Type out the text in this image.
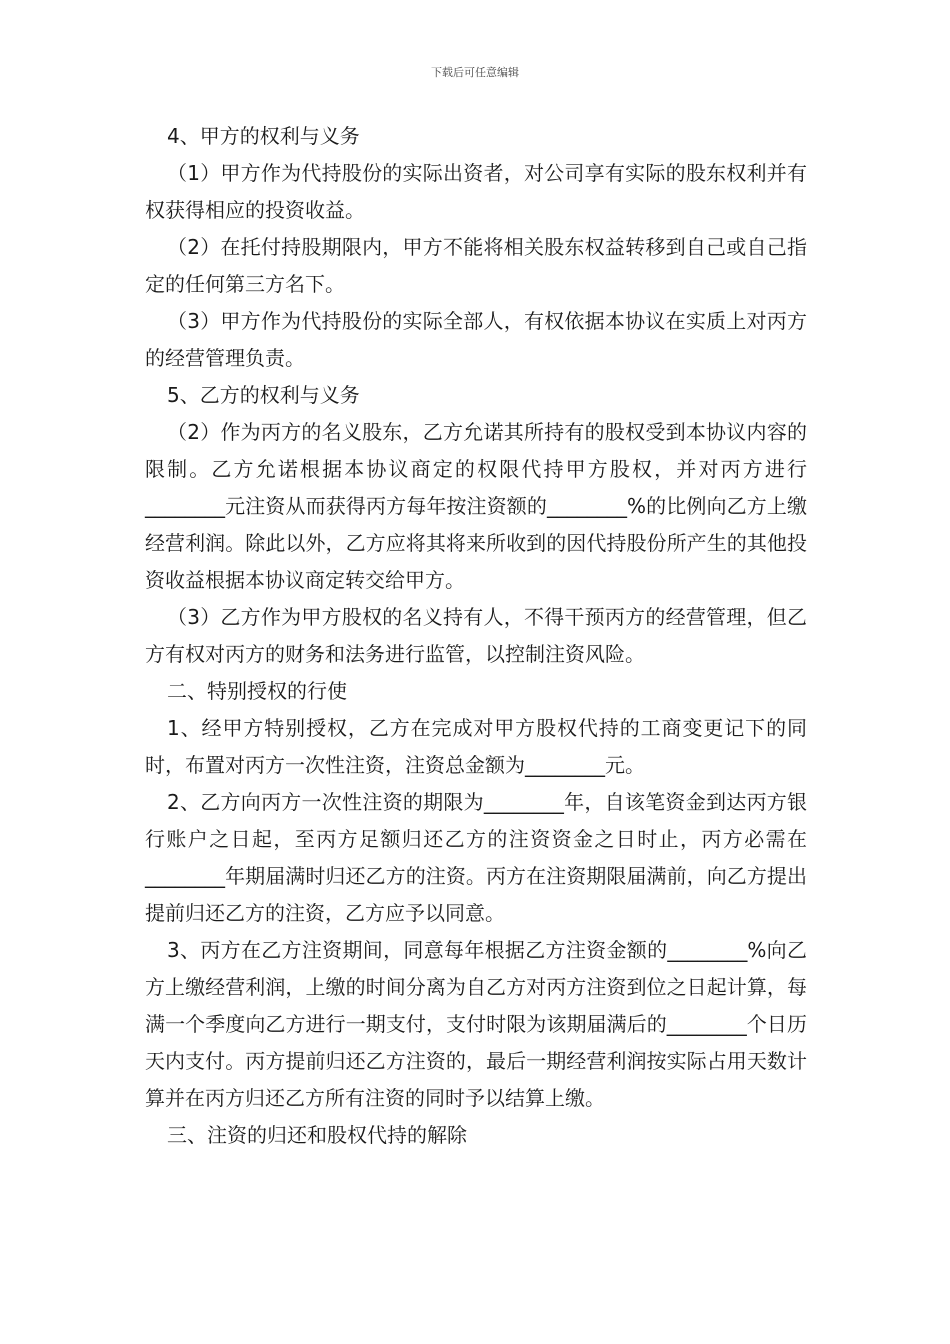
下载后可任意编辑

4、甲方的权利与义务

（1）甲方作为代持股份的实际出资者，对公司享有实际的股东权利并有权获得相应的投资收益。

（2）在托付持股期限内，甲方不能将相关股东权益转移到自己或自己指定的任何第三方名下。

（3）甲方作为代持股份的实际全部人，有权依据本协议在实质上对丙方的经营管理负责。

5、乙方的权利与义务

（2）作为丙方的名义股东，乙方允诺其所持有的股权受到本协议内容的限制。乙方允诺根据本协议商定的权限代持甲方股权，并对丙方进行________元注资从而获得丙方每年按注资额的________%的比例向乙方上缴经营利润。除此以外，乙方应将其将来所收到的因代持股份所产生的其他投资收益根据本协议商定转交给甲方。

（3）乙方作为甲方股权的名义持有人，不得干预丙方的经营管理，但乙方有权对丙方的财务和法务进行监管，以控制注资风险。

二、特别授权的行使

1、经甲方特别授权，乙方在完成对甲方股权代持的工商变更记下的同时，布置对丙方一次性注资，注资总金额为________元。

2、乙方向丙方一次性注资的期限为________年，自该笔资金到达丙方银行账户之日起，至丙方足额归还乙方的注资资金之日时止，丙方必需在________年期届满时归还乙方的注资。丙方在注资期限届满前，向乙方提出提前归还乙方的注资，乙方应予以同意。

3、丙方在乙方注资期间，同意每年根据乙方注资金额的________%向乙方上缴经营利润，上缴的时间分离为自乙方对丙方注资到位之日起计算，每满一个季度向乙方进行一期支付，支付时限为该期届满后的________个日历天内支付。丙方提前归还乙方注资的，最后一期经营利润按实际占用天数计算并在丙方归还乙方所有注资的同时予以结算上缴。

三、注资的归还和股权代持的解除
